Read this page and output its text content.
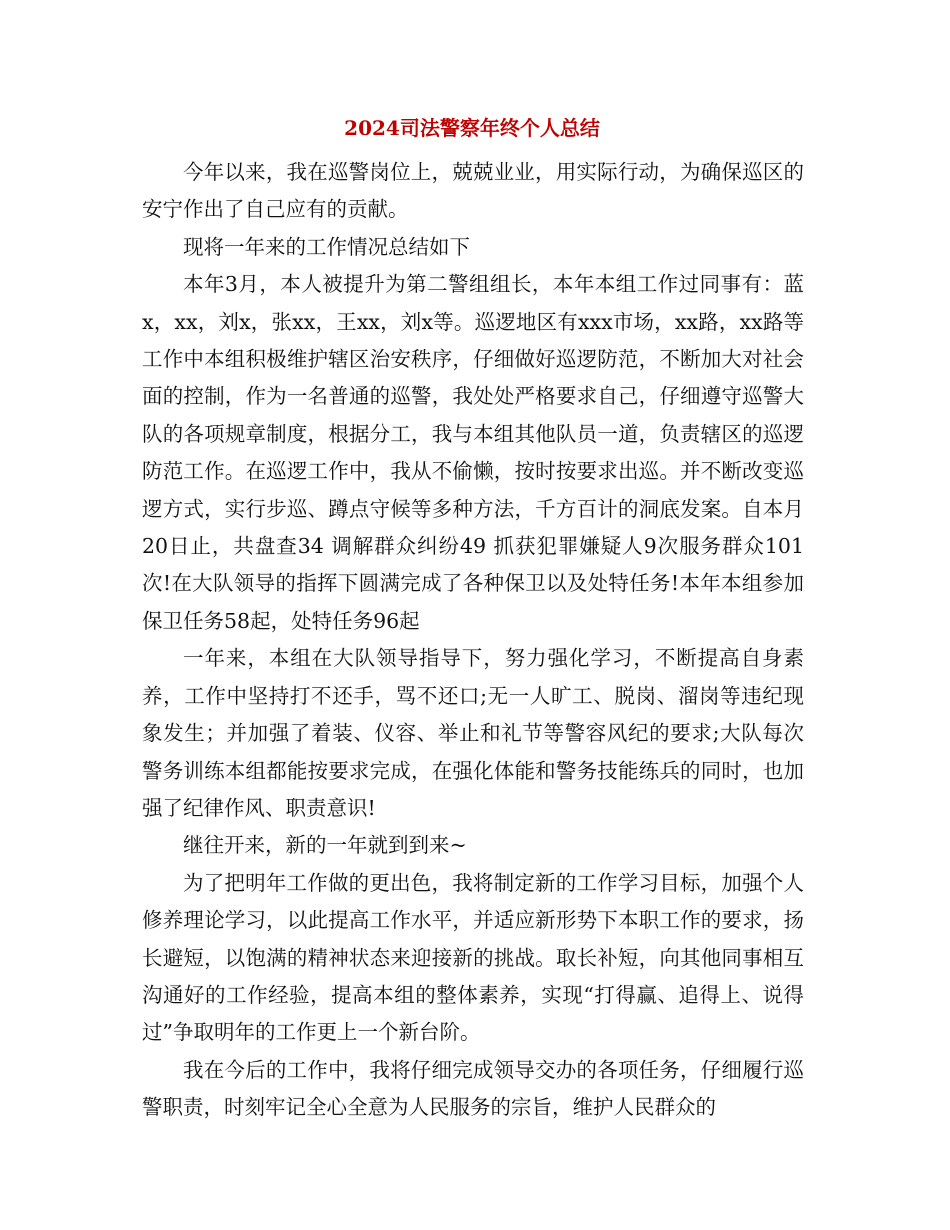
2024司法警察年终个人总结

今年以来，我在巡警岗位上，兢兢业业，用实际行动，为确保巡区的安宁作出了自己应有的贡献。

现将一年来的工作情况总结如下

本年3月，本人被提升为第二警组组长，本年本组工作过同事有：蓝x，xx，刘x，张xx，王xx，刘x等。巡逻地区有xxx市场，xx路，xx路等工作中本组积极维护辖区治安秩序，仔细做好巡逻防范，不断加大对社会面的控制，作为一名普通的巡警，我处处严格要求自己，仔细遵守巡警大队的各项规章制度，根据分工，我与本组其他队员一道，负责辖区的巡逻防范工作。在巡逻工作中，我从不偷懒，按时按要求出巡。并不断改变巡逻方式，实行步巡、蹲点守候等多种方法，千方百计的洞底发案。自本月20日止，共盘查34 调解群众纠纷49 抓获犯罪嫌疑人9次服务群众101次!在大队领导的指挥下圆满完成了各种保卫以及处特任务!本年本组参加保卫任务58起，处特任务96起

一年来，本组在大队领导指导下，努力强化学习，不断提高自身素养，工作中坚持打不还手，骂不还口;无一人旷工、脱岗、溜岗等违纪现象发生；并加强了着装、仪容、举止和礼节等警容风纪的要求;大队每次警务训练本组都能按要求完成，在强化体能和警务技能练兵的同时，也加强了纪律作风、职责意识!

继往开来，新的一年就到到来~

为了把明年工作做的更出色，我将制定新的工作学习目标，加强个人修养理论学习，以此提高工作水平，并适应新形势下本职工作的要求，扬长避短，以饱满的精神状态来迎接新的挑战。取长补短，向其他同事相互沟通好的工作经验，提高本组的整体素养，实现“打得赢、追得上、说得过”争取明年的工作更上一个新台阶。

我在今后的工作中，我将仔细完成领导交办的各项任务，仔细履行巡警职责，时刻牢记全心全意为人民服务的宗旨，维护人民群众的
